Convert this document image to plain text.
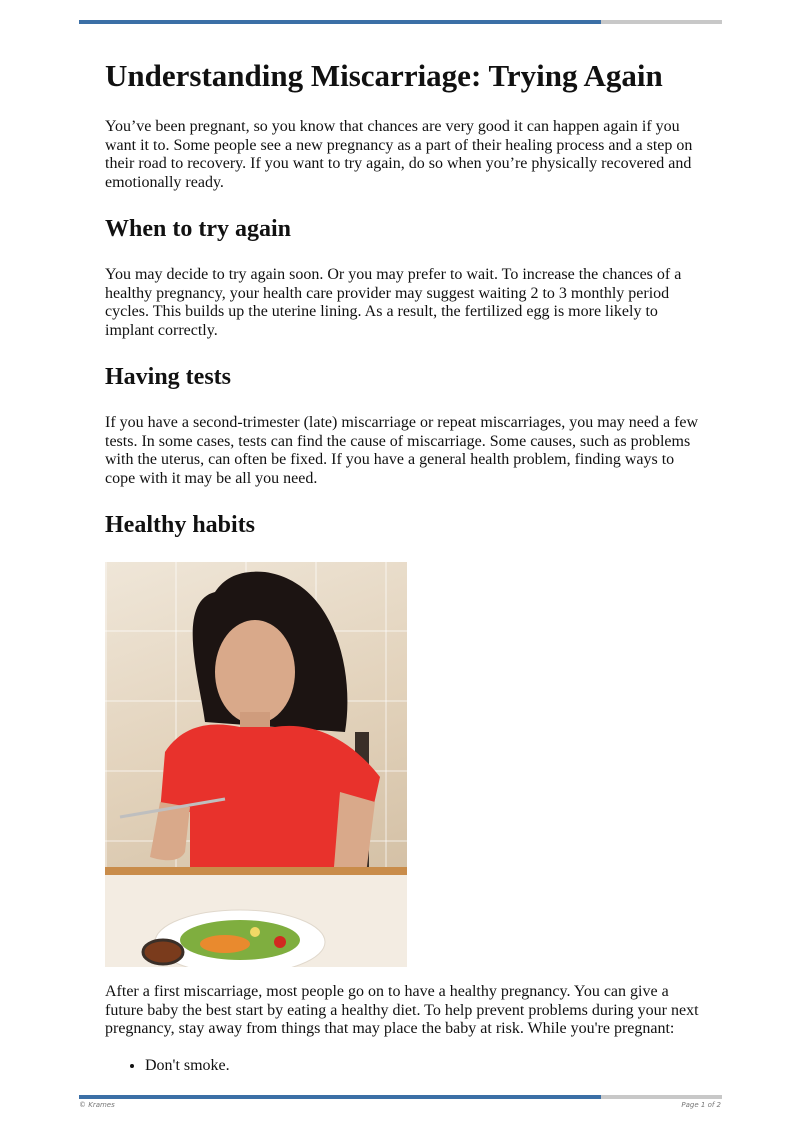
Understanding Miscarriage: Trying Again

You’ve been pregnant, so you know that chances are very good it can happen again if you want it to. Some people see a new pregnancy as a part of their healing process and a step on their road to recovery. If you want to try again, do so when you’re physically recovered and emotionally ready.

When to try again

You may decide to try again soon. Or you may prefer to wait. To increase the chances of a healthy pregnancy, your health care provider may suggest waiting 2 to 3 monthly period cycles. This builds up the uterine lining. As a result, the fertilized egg is more likely to implant correctly.

Having tests

If you have a second-trimester (late) miscarriage or repeat miscarriages, you may need a few tests. In some cases, tests can find the cause of miscarriage. Some causes, such as problems with the uterus, can often be fixed. If you have a general health problem, finding ways to cope with it may be all you need.

Healthy habits

After a first miscarriage, most people go on to have a healthy pregnancy. You can give a future baby the best start by eating a healthy diet. To help prevent problems during your next pregnancy, stay away from things that may place the baby at risk. While you're pregnant:

• Don't smoke.
© Krames	Page 1 of 2
